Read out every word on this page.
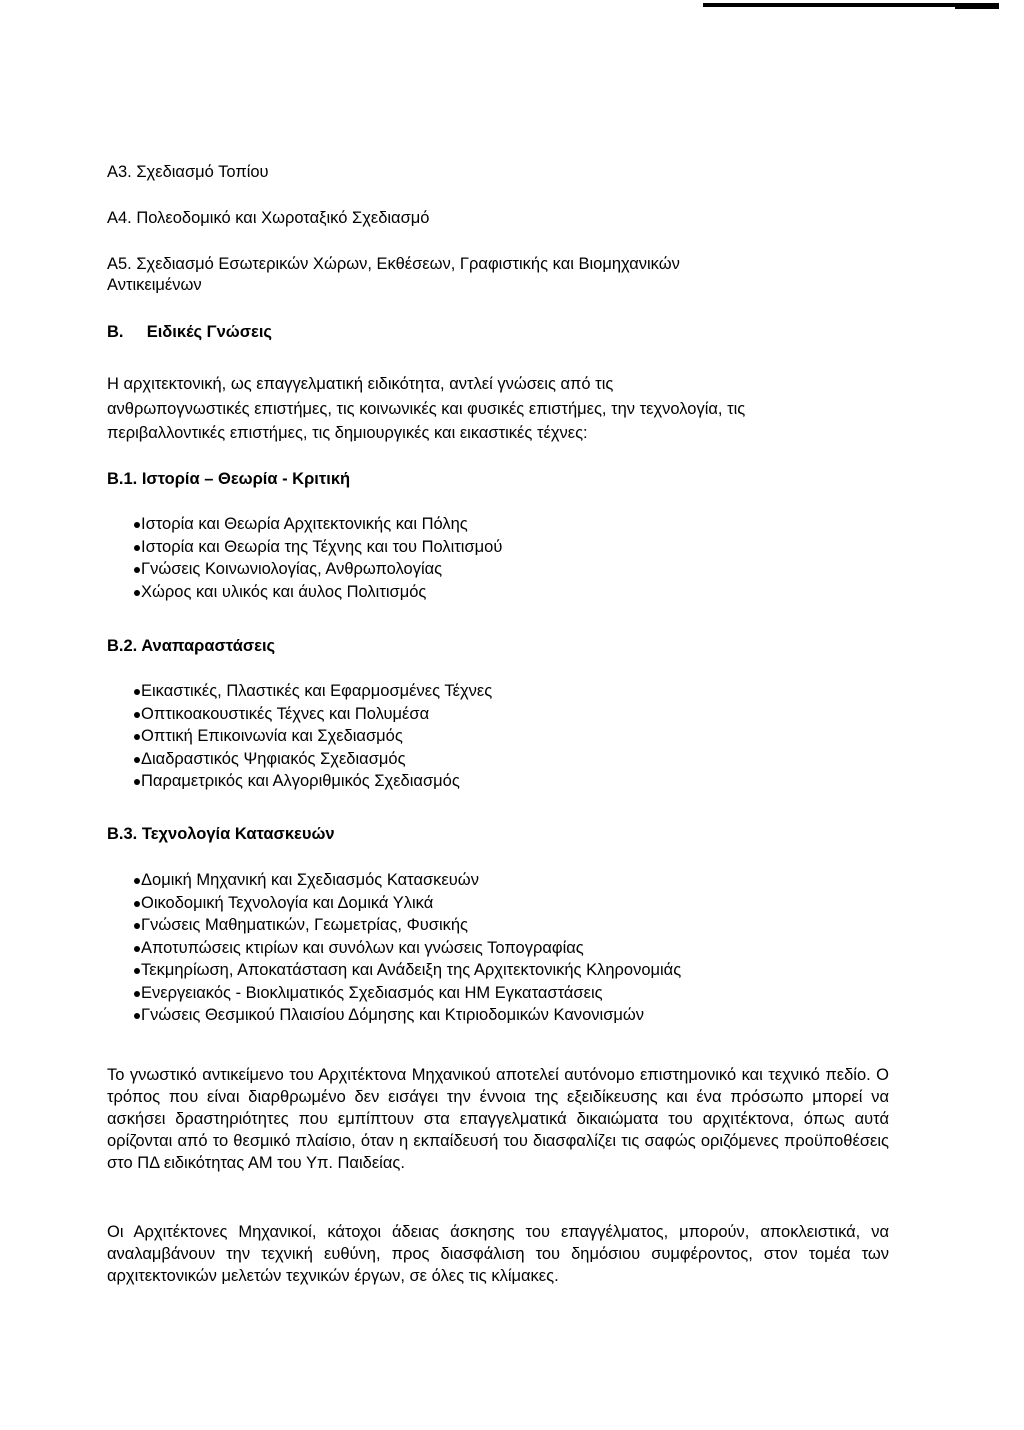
Α3. Σχεδιασμό Τοπίου
Α4. Πολεοδομικό και Χωροταξικό Σχεδιασμό
Α5. Σχεδιασμό Εσωτερικών Χώρων, Εκθέσεων, Γραφιστικής και Βιομηχανικών
Αντικειμένων
Β. Ειδικές Γνώσεις
Η αρχιτεκτονική, ως επαγγελματική ειδικότητα, αντλεί γνώσεις από τις
ανθρωπογνωστικές επιστήμες, τις κοινωνικές και φυσικές επιστήμες, την τεχνολογία, τις
περιβαλλοντικές επιστήμες, τις δημιουργικές και εικαστικές τέχνες:
Β.1. Ιστορία – Θεωρία - Κριτική
Ιστορία και Θεωρία Αρχιτεκτονικής και Πόλης
Ιστορία και Θεωρία της Τέχνης και του Πολιτισμού
Γνώσεις Κοινωνιολογίας, Ανθρωπολογίας
Χώρος και υλικός και άυλος Πολιτισμός
Β.2. Αναπαραστάσεις
Εικαστικές, Πλαστικές και Εφαρμοσμένες Τέχνες
Οπτικοακουστικές Τέχνες και Πολυμέσα
Οπτική Επικοινωνία και Σχεδιασμός
Διαδραστικός Ψηφιακός Σχεδιασμός
Παραμετρικός και Αλγοριθμικός Σχεδιασμός
Β.3. Τεχνολογία Κατασκευών
Δομική Μηχανική και Σχεδιασμός Κατασκευών
Οικοδομική Τεχνολογία και Δομικά Υλικά
Γνώσεις Μαθηματικών, Γεωμετρίας, Φυσικής
Αποτυπώσεις κτιρίων και συνόλων και γνώσεις Τοπογραφίας
Τεκμηρίωση, Αποκατάσταση και Ανάδειξη της Αρχιτεκτονικής Κληρονομιάς
Ενεργειακός - Βιοκλιματικός Σχεδιασμός και ΗΜ Εγκαταστάσεις
Γνώσεις Θεσμικού Πλαισίου Δόμησης και Κτιριοδομικών Κανονισμών

Το γνωστικό αντικείμενο του Αρχιτέκτονα Μηχανικού αποτελεί αυτόνομο επιστημονικό και τεχνικό πεδίο. Ο τρόπος που είναι διαρθρωμένο δεν εισάγει την έννοια της εξειδίκευσης και ένα πρόσωπο μπορεί να ασκήσει δραστηριότητες που εμπίπτουν στα επαγγελματικά δικαιώματα του αρχιτέκτονα, όπως αυτά ορίζονται από το θεσμικό πλαίσιο, όταν η εκπαίδευσή του διασφαλίζει τις σαφώς οριζόμενες προϋποθέσεις στο ΠΔ ειδικότητας ΑΜ του Υπ. Παιδείας.

Οι Αρχιτέκτονες Μηχανικοί, κάτοχοι άδειας άσκησης του επαγγέλματος, μπορούν, αποκλειστικά, να αναλαμβάνουν την τεχνική ευθύνη, προς διασφάλιση του δημόσιου συμφέροντος, στον τομέα των αρχιτεκτονικών μελετών τεχνικών έργων, σε όλες τις κλίμακες.
